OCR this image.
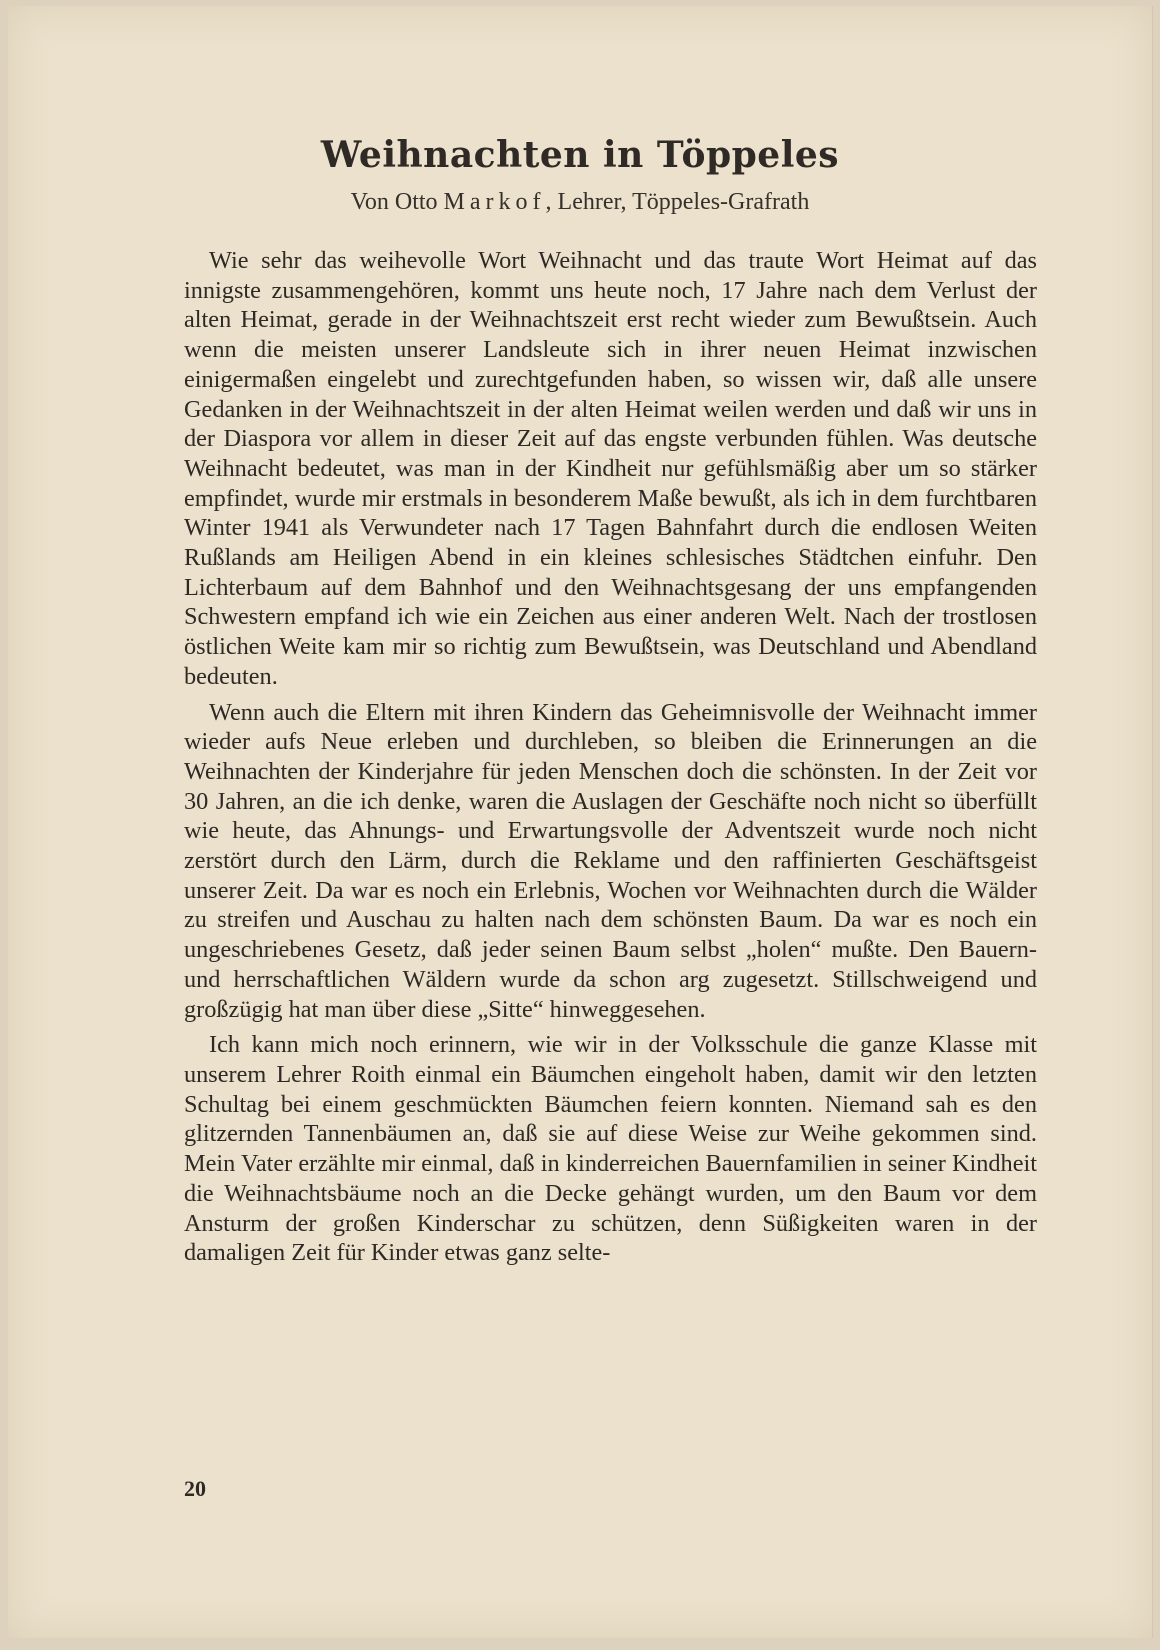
Weihnachten in Töppeles
Von Otto Markof, Lehrer, Töppeles-Grafrath

Wie sehr das weihevolle Wort Weihnacht und das traute Wort Heimat auf das innigste zusammengehören, kommt uns heute noch, 17 Jahre nach dem Verlust der alten Heimat, gerade in der Weihnachtszeit erst recht wieder zum Bewußtsein. Auch wenn die meisten unserer Landsleute sich in ihrer neuen Heimat inzwischen einigermaßen eingelebt und zurechtgefunden haben, so wissen wir, daß alle unsere Gedanken in der Weihnachtszeit in der alten Heimat weilen werden und daß wir uns in der Diaspora vor allem in dieser Zeit auf das engste verbunden fühlen. Was deutsche Weihnacht bedeutet, was man in der Kindheit nur gefühlsmäßig aber um so stärker empfindet, wurde mir erstmals in besonderem Maße bewußt, als ich in dem furchtbaren Winter 1941 als Verwundeter nach 17 Tagen Bahnfahrt durch die endlosen Weiten Rußlands am Heiligen Abend in ein kleines schlesisches Städtchen einfuhr. Den Lichterbaum auf dem Bahnhof und den Weihnachtsgesang der uns empfangenden Schwestern empfand ich wie ein Zeichen aus einer anderen Welt. Nach der trostlosen östlichen Weite kam mir so richtig zum Bewußtsein, was Deutschland und Abendland bedeuten.

Wenn auch die Eltern mit ihren Kindern das Geheimnisvolle der Weihnacht immer wieder aufs Neue erleben und durchleben, so bleiben die Erinnerungen an die Weihnachten der Kinderjahre für jeden Menschen doch die schönsten. In der Zeit vor 30 Jahren, an die ich denke, waren die Auslagen der Geschäfte noch nicht so überfüllt wie heute, das Ahnungs- und Erwartungsvolle der Adventszeit wurde noch nicht zerstört durch den Lärm, durch die Reklame und den raffinierten Geschäftsgeist unserer Zeit. Da war es noch ein Erlebnis, Wochen vor Weihnachten durch die Wälder zu streifen und Auschau zu halten nach dem schönsten Baum. Da war es noch ein ungeschriebenes Gesetz, daß jeder seinen Baum selbst „holen“ mußte. Den Bauern- und herrschaftlichen Wäldern wurde da schon arg zugesetzt. Stillschweigend und großzügig hat man über diese „Sitte“ hinweggesehen.

Ich kann mich noch erinnern, wie wir in der Volksschule die ganze Klasse mit unserem Lehrer Roith einmal ein Bäumchen eingeholt haben, damit wir den letzten Schultag bei einem geschmückten Bäumchen feiern konnten. Niemand sah es den glitzernden Tannenbäumen an, daß sie auf diese Weise zur Weihe gekommen sind. Mein Vater erzählte mir einmal, daß in kinderreichen Bauernfamilien in seiner Kindheit die Weihnachtsbäume noch an die Decke gehängt wurden, um den Baum vor dem Ansturm der großen Kinderschar zu schützen, denn Süßigkeiten waren in der damaligen Zeit für Kinder etwas ganz selte-

20
